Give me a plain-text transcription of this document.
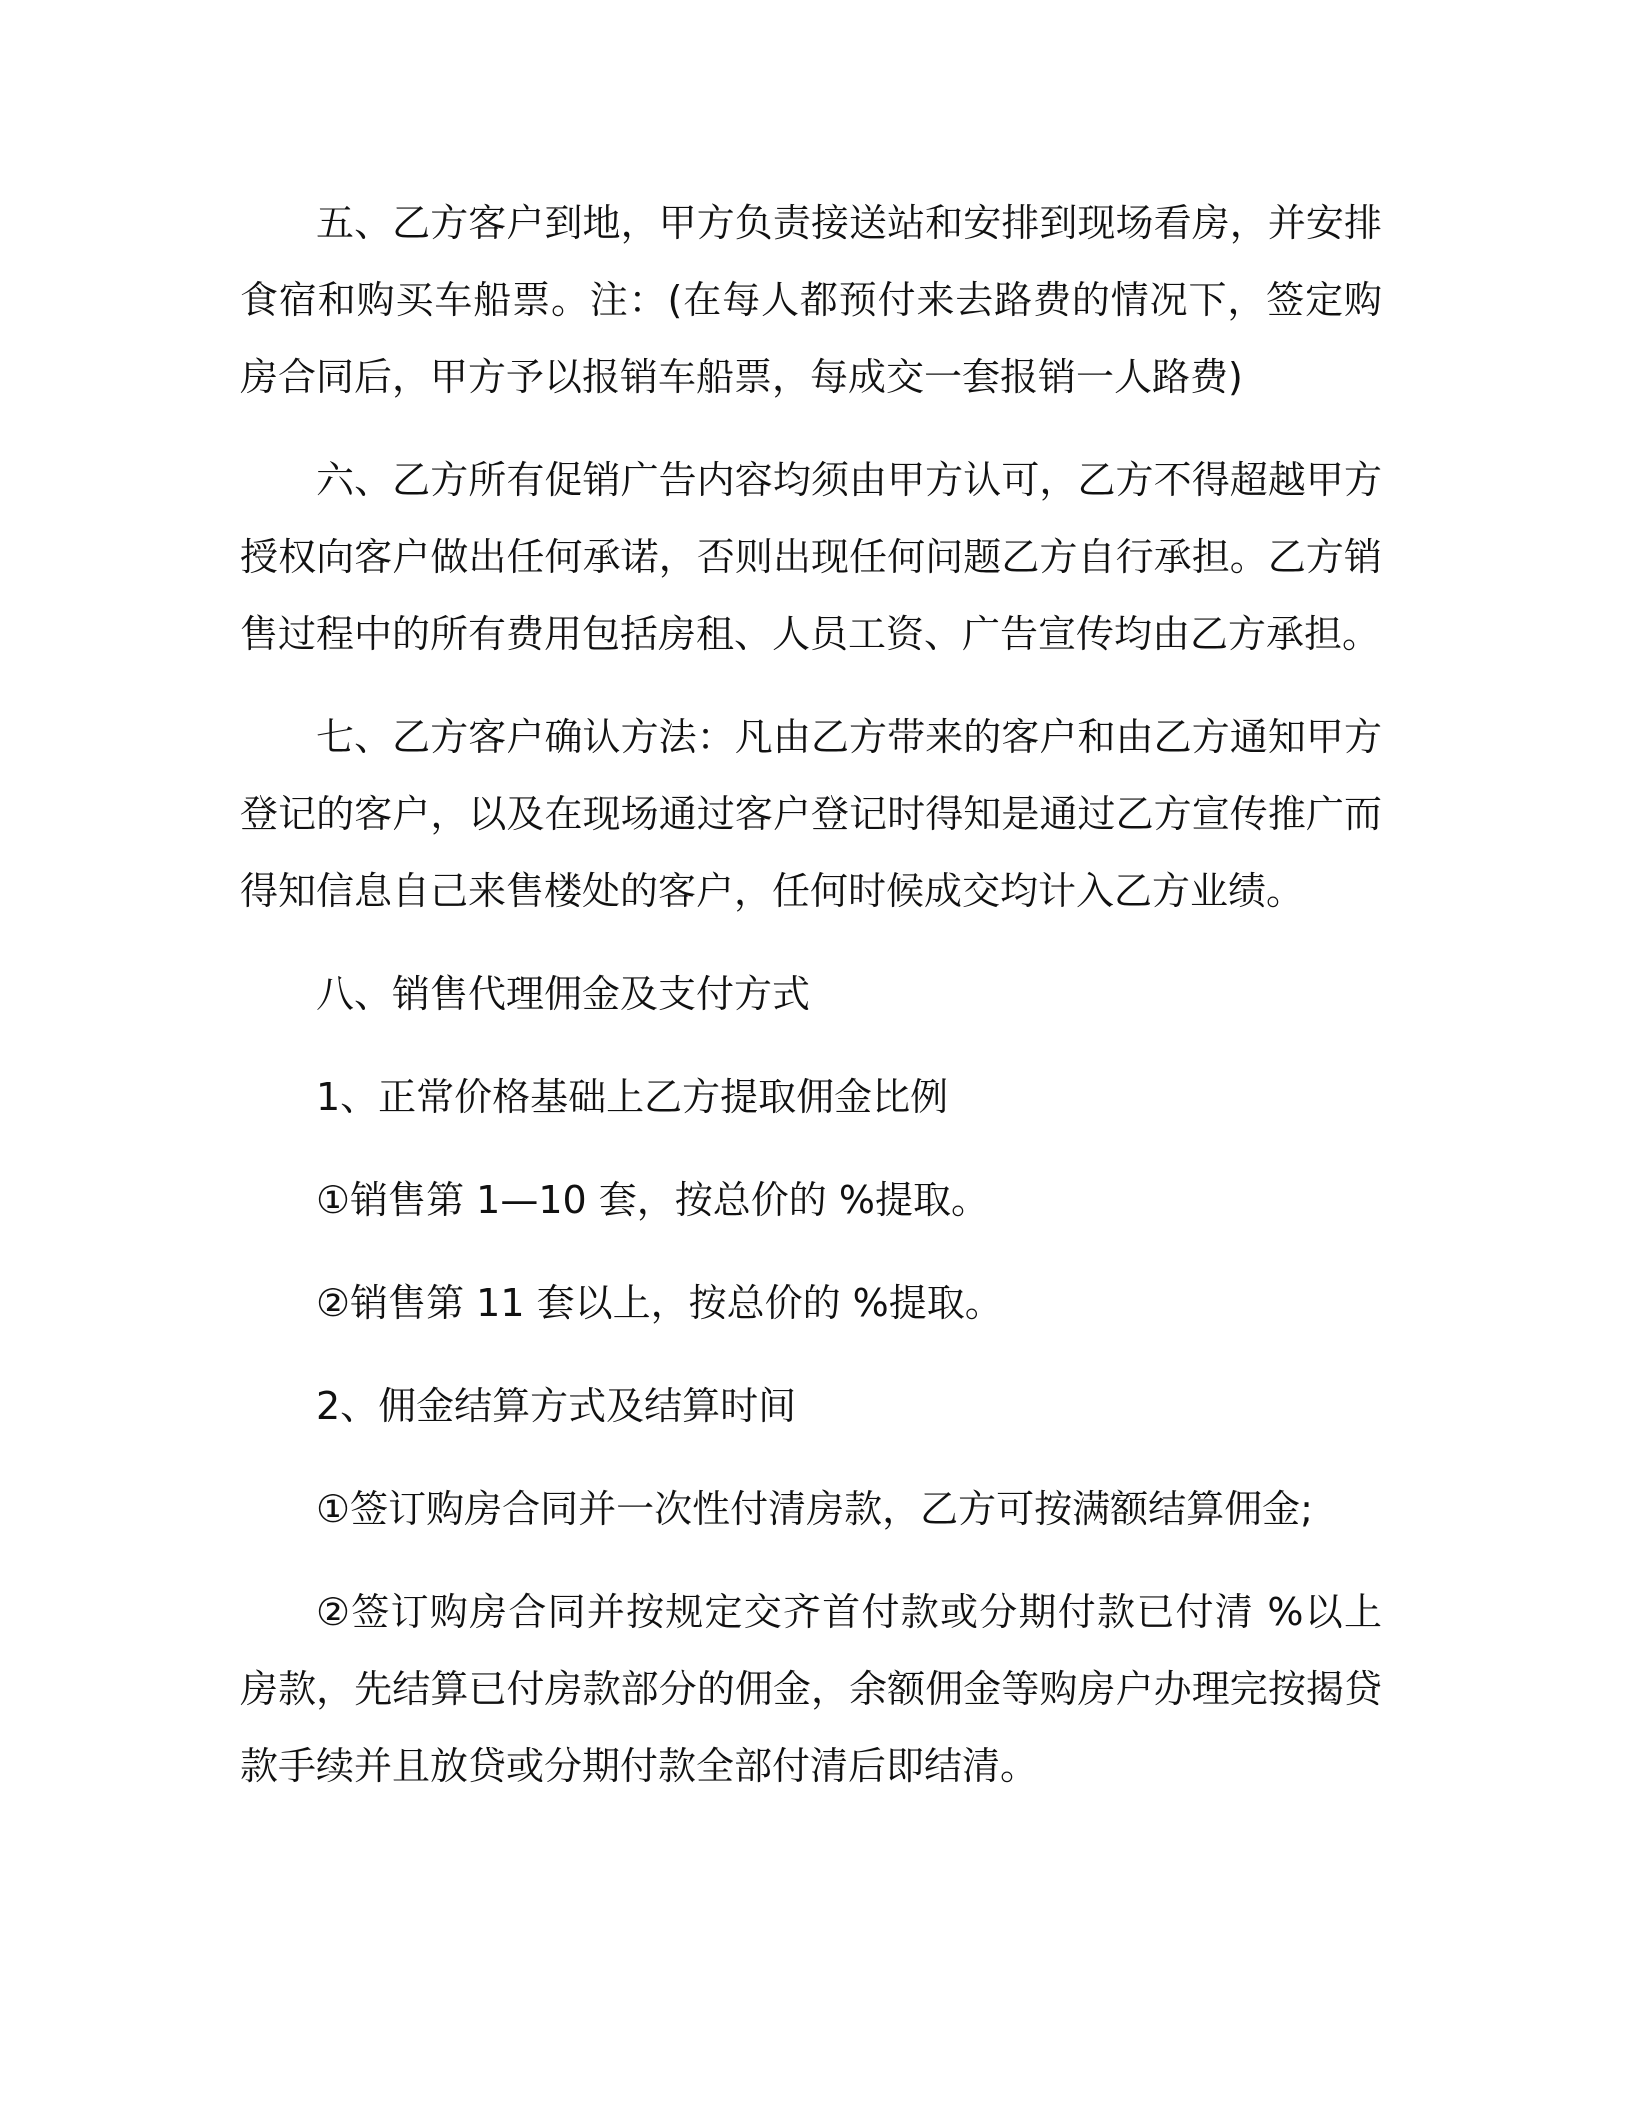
五、乙方客户到地，甲方负责接送站和安排到现场看房，并安排食宿和购买车船票。注：(在每人都预付来去路费的情况下，签定购房合同后，甲方予以报销车船票，每成交一套报销一人路费)

六、乙方所有促销广告内容均须由甲方认可，乙方不得超越甲方授权向客户做出任何承诺，否则出现任何问题乙方自行承担。乙方销售过程中的所有费用包括房租、人员工资、广告宣传均由乙方承担。

七、乙方客户确认方法：凡由乙方带来的客户和由乙方通知甲方登记的客户，以及在现场通过客户登记时得知是通过乙方宣传推广而得知信息自己来售楼处的客户，任何时候成交均计入乙方业绩。

八、销售代理佣金及支付方式

1、正常价格基础上乙方提取佣金比例

①销售第 1—10 套，按总价的 %提取。

②销售第 11 套以上，按总价的 %提取。

2、佣金结算方式及结算时间

①签订购房合同并一次性付清房款，乙方可按满额结算佣金;

②签订购房合同并按规定交齐首付款或分期付款已付清 %以上房款，先结算已付房款部分的佣金，余额佣金等购房户办理完按揭贷款手续并且放贷或分期付款全部付清后即结清。
